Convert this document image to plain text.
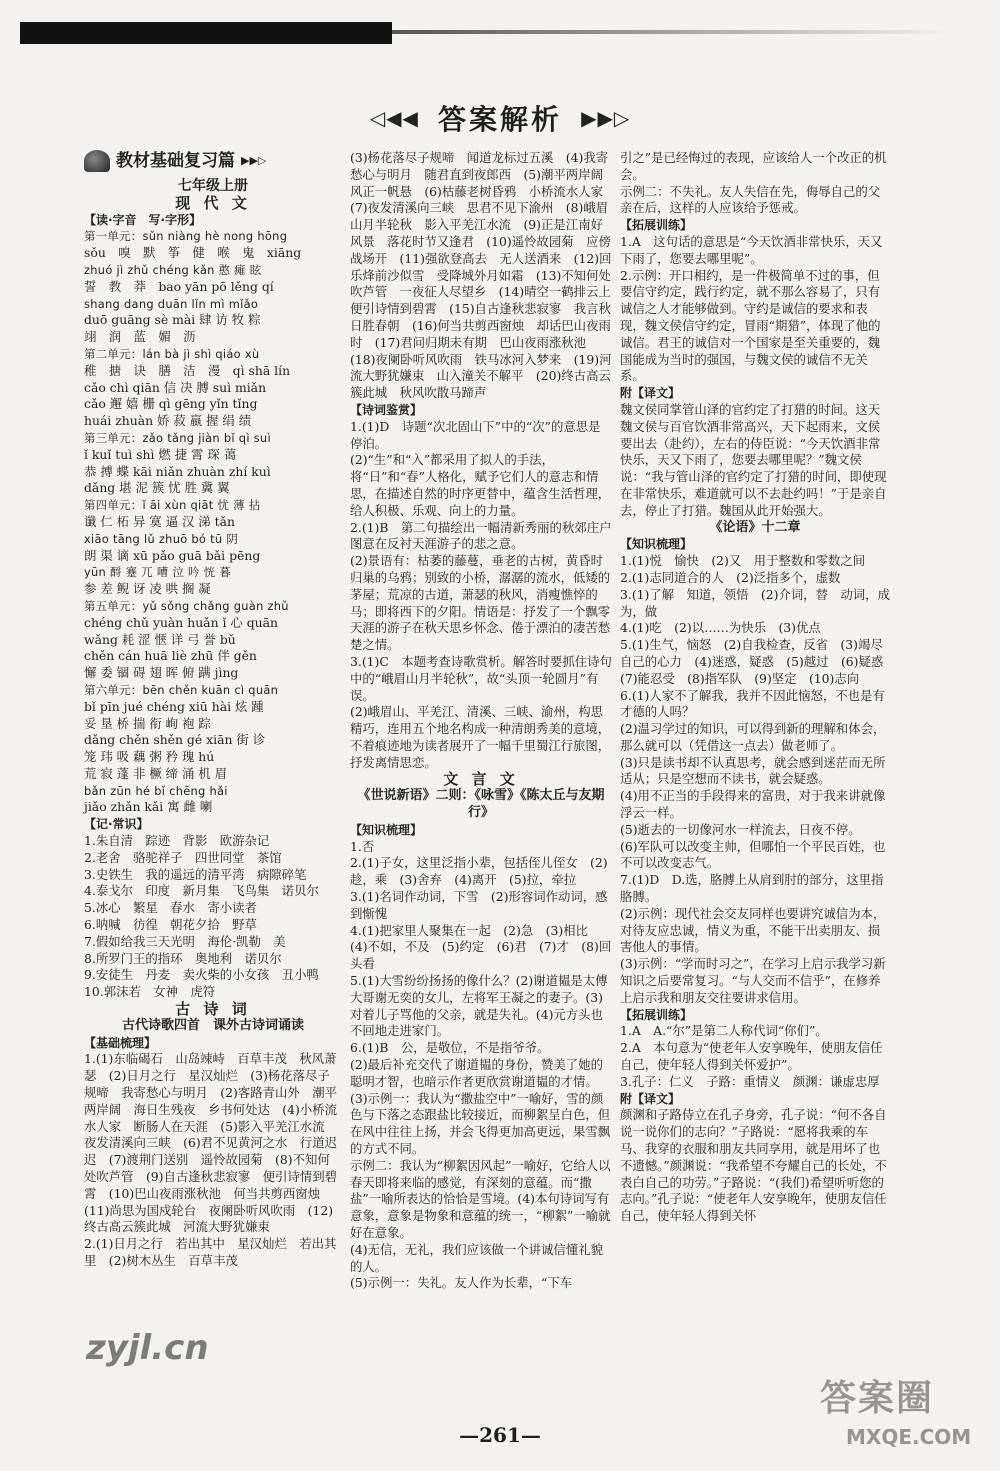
◁◀◀ 答案解析 ▶▶▷
教材基础复习篇 ▶▶▷
七年级上册
现 代 文
【读·字音　写·字形】
第一单元：sǔn niàng hè nong hōng
sǒu　嗅　默　筝　健　喉　鬼　xiāng
zhuó jì zhǔ chéng kǎn 憨 瘫 眩
誓　教　莽　bao yān pō lěng qí
shang dang duān lǐn mì mǐǎo
duō guāng sè mài 肆 访 牧 粽
翊　润　蓝　媚　沥
第二单元：lán bà jì shì qiáo xù
稚　搪　诀　膳　洁　漫　qì shā lín
cǎo chì qiān 信 决 膊 suì miǎn
cǎo 邂 嬉 栅 qì gēng yǐn tǐng
huái zhuàn 娇 菽 嬴 握 绢 绩
第三单元：zǎo tǎng jiàn bǐ qì suì
ǐ kuǐ tuì shì 燃 捷 霄 琛 蔼
恭 搏 蝶 kāi niǎn zhuàn zhí kuì
dǎng 堪 泥 簇 忧 胜 冀 翼
第四单元：ǐ āi xùn qiāt 忧 薄 拈
谶 仁 柘 异 寞 逼 汉 涕 tǎn
xiāo tāng lǔ zhuō bó tū 阴
朗 渠 谪 xū pǎo guā bǎi pēng
yūn 酹 蹇 兀 嘈 泣 吟 恍 暮
参 差 鲵 讶 凌 哄 搁 凝
第五单元：yǔ sǒng chǎng guàn zhǔ
chéng chǔ yuàn huǎn ǐ 心 quān
wǎng 耗 涩 惬 详 弓 誉 bǔ
chěn cán huā liè zhū 伴 gěn
懈 委 锢 碍 翅 晖 俯 蹒 jìng
第六单元：bēn chěn kuān cì quān
bǐ pīn jué chéng xiū hài 炫 踵
妥 垦 桥 揣 衔 峋 袍 踪
dǎng chěn shěn gé xiān 街 诊
笼 玮 吸 藕 粥 矜 瑰 hú
荒 寂 蓬 非 橛 缔 涌 机 眉
bǎn zūn hé bǐ chēng hǎi
jiǎo zhǎn kǎi 寓 雌 喇
【记·常识】
1.朱自清　踪迹　背影　欧游杂记
2.老舍　骆驼祥子　四世同堂　茶馆
3.史铁生　我的遥远的清平湾　病隙碎笔
4.泰戈尔　印度　新月集　飞鸟集　诺贝尔
5.冰心　繁星　春水　寄小读者
6.呐喊　彷徨　朝花夕拾　野草
7.假如给我三天光明　海伦·凯勒　美
8.所罗门王的指环　奥地利　诺贝尔
9.安徒生　丹麦　卖火柴的小女孩　丑小鸭
10.郭沫若　女神　虎符
古 诗 词
古代诗歌四首　课外古诗词诵读
【基础梳理】
1.(1)东临碣石　山岛竦峙　百草丰茂　秋风萧瑟　(2)日月之行　星汉灿烂　(3)杨花落尽子规啼　我寄愁心与明月　(2)客路青山外　潮平两岸阔　海日生残夜　乡书何处达　(4)小桥流水人家　断肠人在天涯　(5)影入平羌江水流　夜发清溪向三峡　(6)君不见黄河之水　行道迟迟　(7)渡荆门送别　遥怜故园菊　(8)不知何处吹芦管　(9)自古逢秋悲寂寥　便引诗情到碧霄　(10)巴山夜雨涨秋池　何当共剪西窗烛　(11)尚思为国戍轮台　夜阑卧听风吹雨　(12)终古高云簇此城　河流大野犹嫌束
2.(1)日月之行　若出其中　星汉灿烂　若出其里　(2)树木丛生　百草丰茂
(3)杨花落尽子规啼　闻道龙标过五溪　(4)我寄愁心与明月　随君直到夜郎西　(5)潮平两岸阔　风正一帆悬　(6)枯藤老树昏鸦　小桥流水人家　(7)夜发清溪向三峡　思君不见下渝州　(8)峨眉山月半轮秋　影入平羌江水流　(9)正是江南好风景　落花时节又逢君　(10)遥怜故园菊　应傍战场开　(11)强欲登高去　无人送酒来　(12)回乐烽前沙似雪　受降城外月如霜　(13)不知何处吹芦管　一夜征人尽望乡　(14)晴空一鹤排云上　便引诗情到碧霄　(15)自古逢秋悲寂寥　我言秋日胜春朝　(16)何当共剪西窗烛　却话巴山夜雨时　(17)君问归期未有期　巴山夜雨涨秋池　(18)夜阑卧听风吹雨　铁马冰河入梦来　(19)河流大野犹嫌束　山入潼关不解平　(20)终古高云簇此城　秋风吹散马蹄声
【诗词鉴赏】
1.(1)D　诗题“次北固山下”中的“次”的意思是停泊。
(2)“生”和“入”都采用了拟人的手法，将“日”和“春”人格化，赋予它们人的意志和情思，在描述自然的时序更替中，蕴含生活哲理，给人积极、乐观、向上的力量。
2.(1)B　第二句描绘出一幅清新秀丽的秋郊庄户图意在反衬天涯游子的悲之意。
(2)景语有：枯萎的藤蔓，垂老的古树，黄昏时归巢的乌鸦；别致的小桥，潺潺的流水，低矮的茅屋；荒凉的古道，萧瑟的秋风，消瘦憔悴的马；即将西下的夕阳。情语是：抒发了一个飘零天涯的游子在秋天思乡怀念、倦于漂泊的凄苦愁楚之情。
3.(1)C　本题考查诗歌赏析。解答时要抓住诗句中的“峨眉山月半轮秋”，故“头顶一轮圆月”有误。
(2)峨眉山、平羌江、清溪、三峡、渝州，构思精巧，连用五个地名构成一种清朗秀美的意境，不着痕迹地为读者展开了一幅千里蜀江行旅图，抒发离情思恋。
文 言 文
《世说新语》二则：《咏雪》《陈太丘与友期行》
【知识梳理】
1.否
2.(1)子女，这里泛指小辈，包括侄儿侄女　(2)趁，乘　(3)舍弃　(4)离开　(5)拉，牵拉
3.(1)名词作动词，下雪　(2)形容词作动词，感到惭愧
4.(1)把家里人聚集在一起　(2)急　(3)相比　(4)不如，不及　(5)约定　(6)君　(7)才　(8)回头看
5.(1)大雪纷纷扬扬的像什么？(2)谢道韫是太傅大哥谢无奕的女儿，左将军王凝之的妻子。(3)对着儿子骂他的父亲，就是失礼。(4)元方头也不回地走进家门。
6.(1)B　公，是敬位，不是指爷爷。
(2)最后补充交代了谢道韫的身份，赞美了她的聪明才智，也暗示作者更欣赏谢道韫的才情。
(3)示例一：我认为“撒盐空中”一喻好，雪的颜色与下落之态跟盐比较接近，而柳絮呈白色，但在风中往往上扬，并会飞得更加高更远，果雪飘的方式不同。
示例二：我认为“柳絮因风起”一喻好，它给人以春天即将来临的感觉，有深刻的意蕴。而“撒盐”一喻所表达的恰恰是雪境。(4)本句诗词写有意象，意象是物象和意蕴的统一，“柳絮”一喻就好在意象。
(4)无信，无礼，我们应该做一个讲诚信懂礼貌的人。
(5)示例一：失礼。友人作为长辈，“下车
引之”是已经悔过的表现，应该给人一个改正的机会。
示例二：不失礼。友人失信在先，侮辱自己的父亲在后，这样的人应该给予惩戒。
【拓展训练】
1.A　这句话的意思是“今天饮酒非常快乐，天又下雨了，您要去哪里呢”。
2.示例：开口相约，是一件极简单不过的事，但要信守约定，践行约定，就不那么容易了，只有诚信之人才能够做到。守约是诚信的要求和表现，魏文侯信守约定，冒雨“期猎”，体现了他的诚信。君王的诚信对一个国家是至关重要的，魏国能成为当时的强国，与魏文侯的诚信不无关系。
附【译文】
魏文侯同掌管山泽的官约定了打猎的时间。这天魏文侯与百官饮酒非常高兴，天下起雨来，文侯要出去（赴约），左右的侍臣说：“今天饮酒非常快乐，天又下雨了，您要去哪里呢？”魏文侯说：“我与管山泽的官约定了打猎的时间，即使现在非常快乐，难道就可以不去赴约吗！”于是亲自去，停止了打猎。魏国从此开始强大。
《论语》十二章
【知识梳理】
1.(1)悦　愉快　(2)又　用于整数和零数之间
2.(1)志同道合的人　(2)泛指多个，虚数
3.(1)了解　知道，领悟　(2)介词，替　动词，成为，做
4.(1)吃　(2)以……为快乐　(3)优点
5.(1)生气，恼怒　(2)自我检查，反省　(3)竭尽自己的心力　(4)迷惑，疑惑　(5)越过　(6)疑惑　(7)能忍受　(8)指军队　(9)坚定　(10)志向
6.(1)人家不了解我，我并不因此恼怒，不也是有才德的人吗？
(2)温习学过的知识，可以得到新的理解和体会，那么就可以（凭借这一点去）做老师了。
(3)只是读书却不认真思考，就会感到迷茫而无所适从；只是空想而不读书，就会疑惑。
(4)用不正当的手段得来的富贵，对于我来讲就像浮云一样。
(5)逝去的一切像河水一样流去，日夜不停。
(6)军队可以改变主帅，但哪怕一个平民百姓，也不可以改变志气。
7.(1)D　D.选，胳膊上从肩到肘的部分，这里指胳膊。
(2)示例：现代社会交友同样也要讲究诚信为本，对待友应忠诚，情义为重，不能干出卖朋友、损害他人的事情。
(3)示例：“学而时习之”，在学习上启示我学习新知识之后要常复习。“与人交而不信乎”，在修养上启示我和朋友交往要讲求信用。
【拓展训练】
1.A　A.“尔”是第二人称代词“你们”。
2.A　本句意为“使老年人安享晚年，使朋友信任自己，使年轻人得到关怀爱护”。
3.孔子：仁义　子路：重情义　颜渊：谦虚忠厚
附【译文】
颜渊和子路侍立在孔子身旁，孔子说：“何不各自说一说你们的志向？”子路说：“愿将我乘的车马、我穿的衣服和朋友共同享用，就是用坏了也不遗憾。”颜渊说：“我希望不夸耀自己的长处，不表白自己的功劳。”子路说：“(我们)希望听听您的志向。”孔子说：“使老年人安享晚年，使朋友信任自己，使年轻人得到关怀
—261—
zyjl.cn
答案圈
MXQE.COM
